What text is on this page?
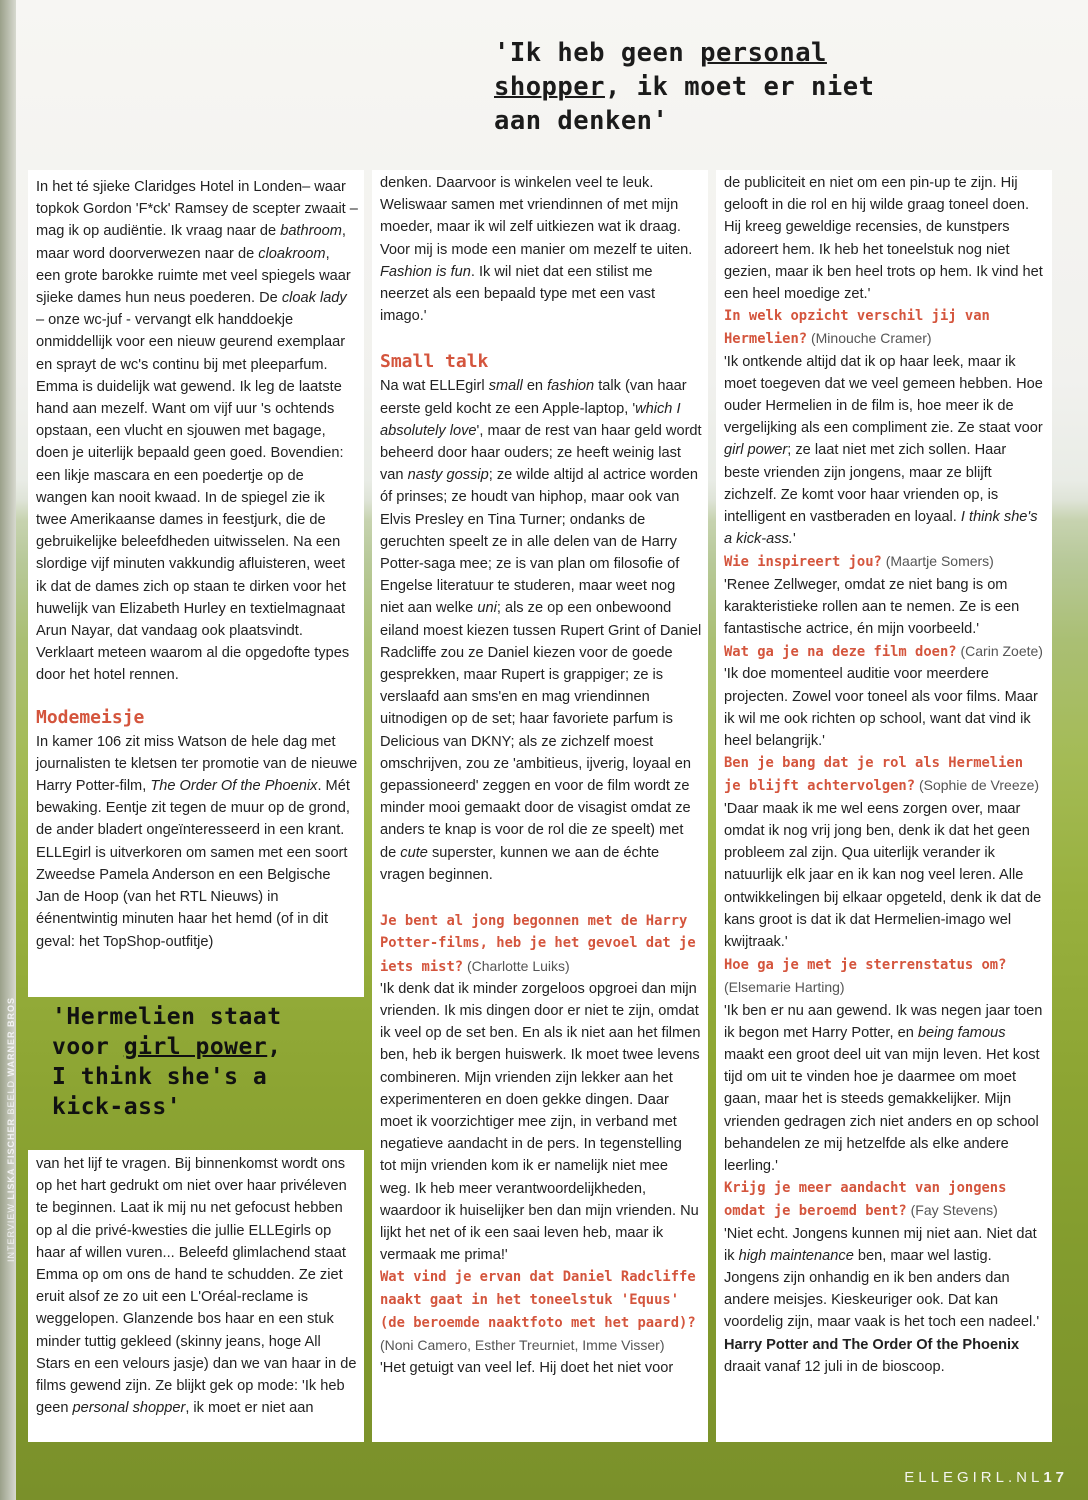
'Ik heb geen personal
shopper, ik moet er niet
aan denken'

In het té sjieke Claridges Hotel in Londen– waar topkok Gordon 'F*ck' Ramsey de scepter zwaait – mag ik op audiëntie. Ik vraag naar de bathroom, maar word doorverwezen naar de cloakroom, een grote barokke ruimte met veel spiegels waar sjieke dames hun neus poederen. De cloak lady – onze wc-juf - vervangt elk handdoekje onmiddellijk voor een nieuw geurend exemplaar en sprayt de wc's continu bij met pleeparfum. Emma is duidelijk wat gewend. Ik leg de laatste hand aan mezelf. Want om vijf uur 's ochtends opstaan, een vlucht en sjouwen met bagage, doen je uiterlijk bepaald geen goed. Bovendien: een likje mascara en een poedertje op de wangen kan nooit kwaad. In de spiegel zie ik twee Amerikaanse dames in feestjurk, die de gebruikelijke beleefdheden uitwisselen. Na een slordige vijf minuten vakkundig afluisteren, weet ik dat de dames zich op staan te dirken voor het huwelijk van Elizabeth Hurley en textielmagnaat Arun Nayar, dat vandaag ook plaatsvindt. Verklaart meteen waarom al die opgedofte types door het hotel rennen.

Modemeisje

In kamer 106 zit miss Watson de hele dag met journalisten te kletsen ter promotie van de nieuwe Harry Potter-film, The Order Of the Phoenix. Mét bewaking. Eentje zit tegen de muur op de grond, de ander bladert ongeïnteresseerd in een krant. ELLEgirl is uitverkoren om samen met een soort Zweedse Pamela Anderson en een Belgische Jan de Hoop (van het RTL Nieuws) in éénentwintig minuten haar het hemd (of in dit geval: het TopShop-outfitje)

'Hermelien staat
voor girl power,
I think she's a
kick-ass'

van het lijf te vragen. Bij binnenkomst wordt ons op het hart gedrukt om niet over haar privéleven te beginnen. Laat ik mij nu net gefocust hebben op al die privé-kwesties die jullie ELLEgirls op haar af willen vuren... Beleefd glimlachend staat Emma op om ons de hand te schudden. Ze ziet eruit alsof ze zo uit een L'Oréal-reclame is weggelopen. Glanzende bos haar en een stuk minder tuttig gekleed (skinny jeans, hoge All Stars en een velours jasje) dan we van haar in de films gewend zijn. Ze blijkt gek op mode: 'Ik heb geen personal shopper, ik moet er niet aan

denken. Daarvoor is winkelen veel te leuk. Weliswaar samen met vriendinnen of met mijn moeder, maar ik wil zelf uitkiezen wat ik draag. Voor mij is mode een manier om mezelf te uiten. Fashion is fun. Ik wil niet dat een stilist me neerzet als een bepaald type met een vast imago.'

Small talk

Na wat ELLEgirl small en fashion talk (van haar eerste geld kocht ze een Apple-laptop, 'which I absolutely love', maar de rest van haar geld wordt beheerd door haar ouders; ze heeft weinig last van nasty gossip; ze wilde altijd al actrice worden óf prinses; ze houdt van hiphop, maar ook van Elvis Presley en Tina Turner; ondanks de geruchten speelt ze in alle delen van de Harry Potter-saga mee; ze is van plan om filosofie of Engelse literatuur te studeren, maar weet nog niet aan welke uni; als ze op een onbewoond eiland moest kiezen tussen Rupert Grint of Daniel Radcliffe zou ze Daniel kiezen voor de goede gesprekken, maar Rupert is grappiger; ze is verslaafd aan sms'en en mag vriendinnen uitnodigen op de set; haar favoriete parfum is Delicious van DKNY; als ze zichzelf moest omschrijven, zou ze 'ambitieus, ijverig, loyaal en gepassioneerd' zeggen en voor de film wordt ze minder mooi gemaakt door de visagist omdat ze anders te knap is voor de rol die ze speelt) met de cute superster, kunnen we aan de échte vragen beginnen.

Je bent al jong begonnen met de Harry Potter-films, heb je het gevoel dat je iets mist? (Charlotte Luiks)

'Ik denk dat ik minder zorgeloos opgroei dan mijn vrienden. Ik mis dingen door er niet te zijn, omdat ik veel op de set ben. En als ik niet aan het filmen ben, heb ik bergen huiswerk. Ik moet twee levens combineren. Mijn vrienden zijn lekker aan het experimenteren en doen gekke dingen. Daar moet ik voorzichtiger mee zijn, in verband met negatieve aandacht in de pers. In tegenstelling tot mijn vrienden kom ik er namelijk niet mee weg. Ik heb meer verantwoordelijkheden, waardoor ik huiselijker ben dan mijn vrienden. Nu lijkt het net of ik een saai leven heb, maar ik vermaak me prima!'

Wat vind je ervan dat Daniel Radcliffe naakt gaat in het toneelstuk 'Equus' (de beroemde naaktfoto met het paard)? (Noni Camero, Esther Treurniet, Imme Visser)

'Het getuigt van veel lef. Hij doet het niet voor

de publiciteit en niet om een pin-up te zijn. Hij gelooft in die rol en hij wilde graag toneel doen. Hij kreeg geweldige recensies, de kunstpers adoreert hem. Ik heb het toneelstuk nog niet gezien, maar ik ben heel trots op hem. Ik vind het een heel moedige zet.'

In welk opzicht verschil jij van Hermelien? (Minouche Cramer)

'Ik ontkende altijd dat ik op haar leek, maar ik moet toegeven dat we veel gemeen hebben. Hoe ouder Hermelien in de film is, hoe meer ik de vergelijking als een compliment zie. Ze staat voor girl power; ze laat niet met zich sollen. Haar beste vrienden zijn jongens, maar ze blijft zichzelf. Ze komt voor haar vrienden op, is intelligent en vastberaden en loyaal. I think she's a kick-ass.'

Wie inspireert jou? (Maartje Somers)

'Renee Zellweger, omdat ze niet bang is om karakteristieke rollen aan te nemen. Ze is een fantastische actrice, én mijn voorbeeld.'

Wat ga je na deze film doen? (Carin Zoete)

'Ik doe momenteel auditie voor meerdere projecten. Zowel voor toneel als voor films. Maar ik wil me ook richten op school, want dat vind ik heel belangrijk.'

Ben je bang dat je rol als Hermelien je blijft achtervolgen? (Sophie de Vreeze)

'Daar maak ik me wel eens zorgen over, maar omdat ik nog vrij jong ben, denk ik dat het geen probleem zal zijn. Qua uiterlijk verander ik natuurlijk elk jaar en ik kan nog veel leren. Alle ontwikkelingen bij elkaar opgeteld, denk ik dat de kans groot is dat ik dat Hermelien-imago wel kwijtraak.'

Hoe ga je met je sterrenstatus om? (Elsemarie Harting)

'Ik ben er nu aan gewend. Ik was negen jaar toen ik begon met Harry Potter, en being famous maakt een groot deel uit van mijn leven. Het kost tijd om uit te vinden hoe je daarmee om moet gaan, maar het is steeds gemakkelijker. Mijn vrienden gedragen zich niet anders en op school behandelen ze mij hetzelfde als elke andere leerling.'

Krijg je meer aandacht van jongens omdat je beroemd bent? (Fay Stevens)

'Niet echt. Jongens kunnen mij niet aan. Niet dat ik high maintenance ben, maar wel lastig. Jongens zijn onhandig en ik ben anders dan andere meisjes. Kieskeuriger ook. Dat kan voordelig zijn, maar vaak is het toch een nadeel.'

Harry Potter and The Order Of the Phoenix draait vanaf 12 juli in de bioscoop.

INTERVIEW LISKA FISCHER BEELD WARNER BROS
ELLEGIRL.NL17
